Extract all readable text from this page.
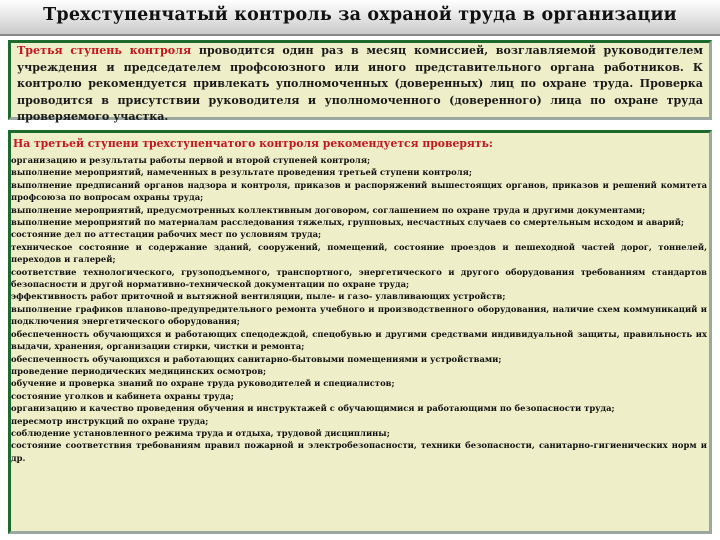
Трехступенчатый контроль за охраной труда в организации

Третья ступень контроля проводится один раз в месяц комиссией, возглавляемой руководителем учреждения и председателем профсоюзного или иного представительного органа работников. К контролю рекомендуется привлекать уполномоченных (доверенных) лиц по охране труда. Проверка проводится в присутствии руководителя и уполномоченного (доверенного) лица по охране труда проверяемого участка.

На третьей ступени трехступенчатого контроля рекомендуется проверять:
организацию и результаты работы первой и второй ступеней контроля;
выполнение мероприятий, намеченных в результате проведения третьей ступени контроля;
выполнение предписаний органов надзора и контроля, приказов и распоряжений вышестоящих органов, приказов и решений комитета профсоюза по вопросам охраны труда;
выполнение мероприятий, предусмотренных коллективным договором, соглашением по охране труда и другими документами;
выполнение мероприятий по материалам расследования тяжелых, групповых, несчастных случаев со смертельным исходом и аварий;
состояние дел по аттестации рабочих мест по условиям труда;
техническое состояние и содержание зданий, сооружений, помещений, состояние проездов и пешеходной частей дорог, тоннелей, переходов и галерей;
соответствие технологического, грузоподъемного, транспортного, энергетического и другого оборудования требованиям стандартов безопасности и другой нормативно-технической документации по охране труда;
эффективность работ приточной и вытяжной вентиляции, пыле- и газо- улавливающих устройств;
выполнение графиков планово-предупредительного ремонта учебного и производственного оборудования, наличие схем коммуникаций и подключения энергетического оборудования;
обеспеченность обучающихся и работающих спецодеждой, спецобувью и другими средствами индивидуальной защиты, правильность их выдачи, хранения, организации стирки, чистки и ремонта;
обеспеченность обучающихся и работающих санитарно-бытовыми помещениями и устройствами;
проведение периодических медицинских осмотров;
обучение и проверка знаний по охране труда руководителей и специалистов;
состояние уголков и кабинета охраны труда;
организацию и качество проведения обучения и инструктажей с обучающимися и работающими по безопасности труда;
пересмотр инструкций по охране труда;
соблюдение установленного режима труда и отдыха, трудовой дисциплины;
состояние соответствия требованиям правил пожарной и электробезопасности, техники безопасности, санитарно-гигиенических норм и др.
